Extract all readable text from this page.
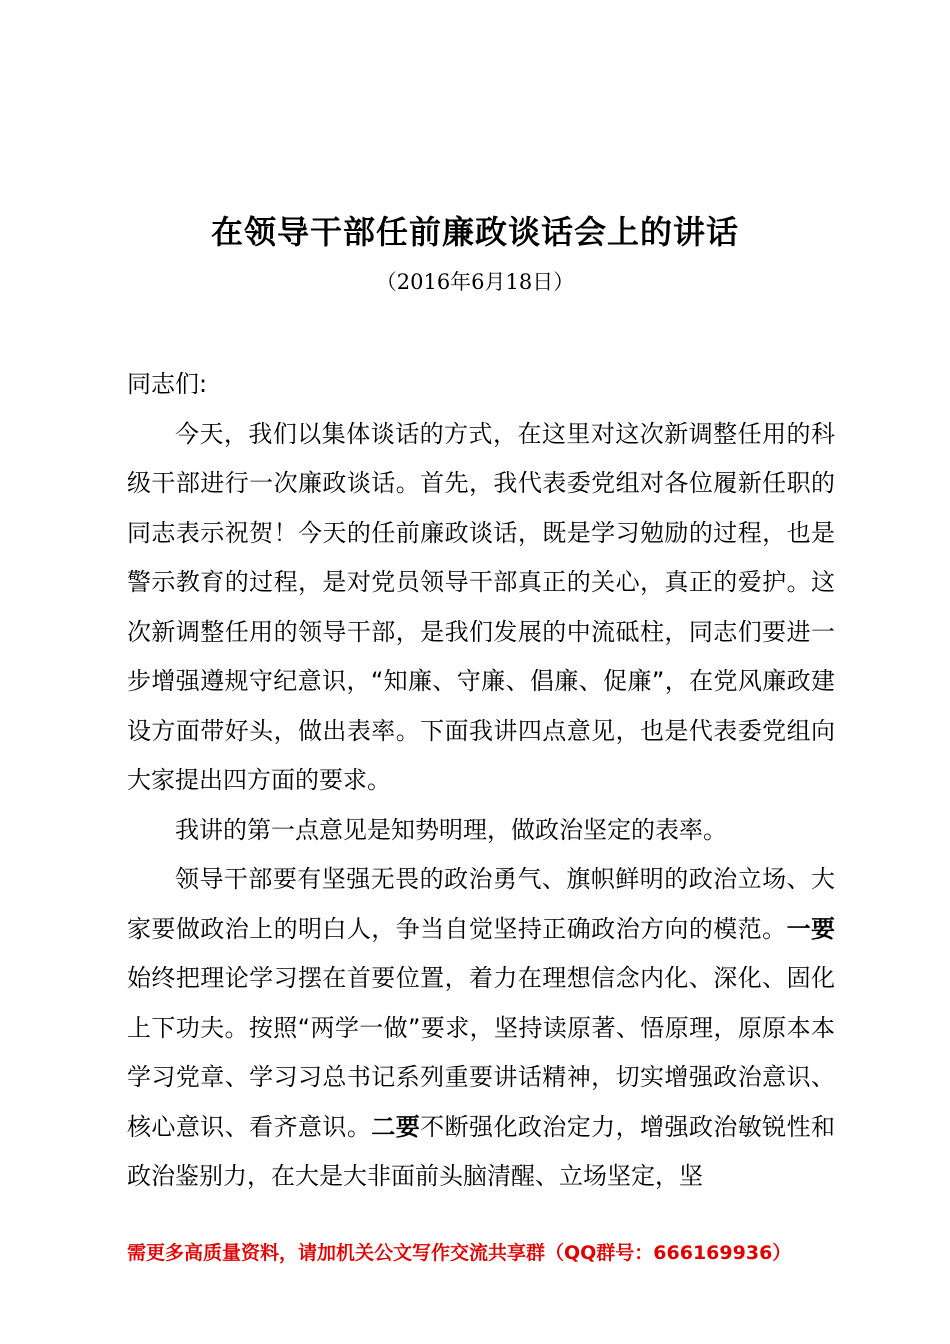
在领导干部任前廉政谈话会上的讲话
（2016年6月18日）

同志们:

今天，我们以集体谈话的方式，在这里对这次新调整任用的科级干部进行一次廉政谈话。首先，我代表委党组对各位履新任职的同志表示祝贺！今天的任前廉政谈话，既是学习勉励的过程，也是警示教育的过程，是对党员领导干部真正的关心，真正的爱护。这次新调整任用的领导干部，是我们发展的中流砥柱，同志们要进一步增强遵规守纪意识，“知廉、守廉、倡廉、促廉”，在党风廉政建设方面带好头，做出表率。下面我讲四点意见，也是代表委党组向大家提出四方面的要求。

我讲的第一点意见是知势明理，做政治坚定的表率。

领导干部要有坚强无畏的政治勇气、旗帜鲜明的政治立场、大家要做政治上的明白人，争当自觉坚持正确政治方向的模范。一要始终把理论学习摆在首要位置，着力在理想信念内化、深化、固化上下功夫。按照“两学一做”要求，坚持读原著、悟原理，原原本本学习党章、学习习总书记系列重要讲话精神，切实增强政治意识、核心意识、看齐意识。二要不断强化政治定力，增强政治敏锐性和政治鉴别力，在大是大非面前头脑清醒、立场坚定，坚

需更多高质量资料，请加机关公文写作交流共享群（QQ群号：666169936）
